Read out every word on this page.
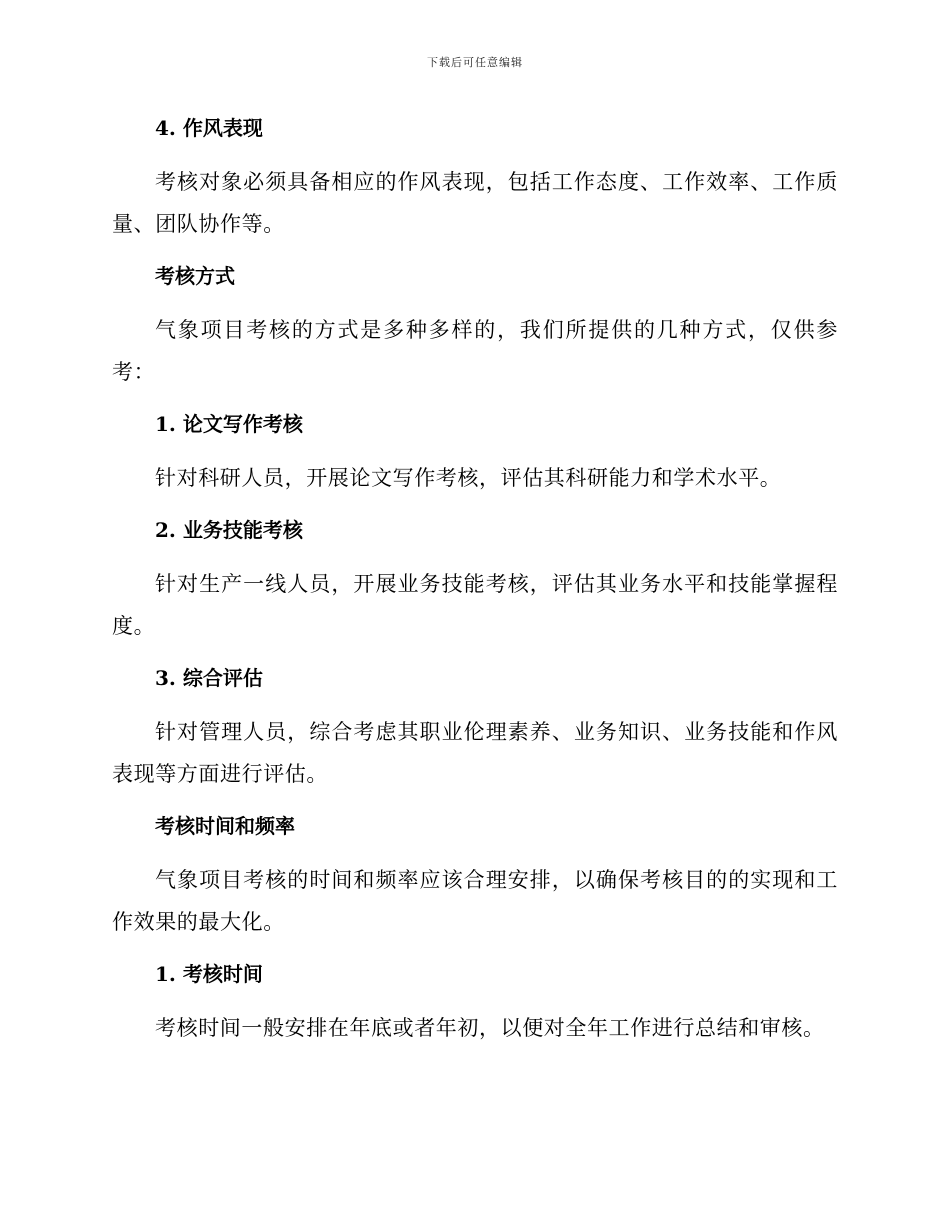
下载后可任意编辑

4. 作风表现

考核对象必须具备相应的作风表现，包括工作态度、工作效率、工作质量、团队协作等。

考核方式

气象项目考核的方式是多种多样的，我们所提供的几种方式，仅供参考：

1. 论文写作考核

针对科研人员，开展论文写作考核，评估其科研能力和学术水平。

2. 业务技能考核

针对生产一线人员，开展业务技能考核，评估其业务水平和技能掌握程度。

3. 综合评估

针对管理人员，综合考虑其职业伦理素养、业务知识、业务技能和作风表现等方面进行评估。

考核时间和频率

气象项目考核的时间和频率应该合理安排，以确保考核目的的实现和工作效果的最大化。

1. 考核时间

考核时间一般安排在年底或者年初，以便对全年工作进行总结和审核。
